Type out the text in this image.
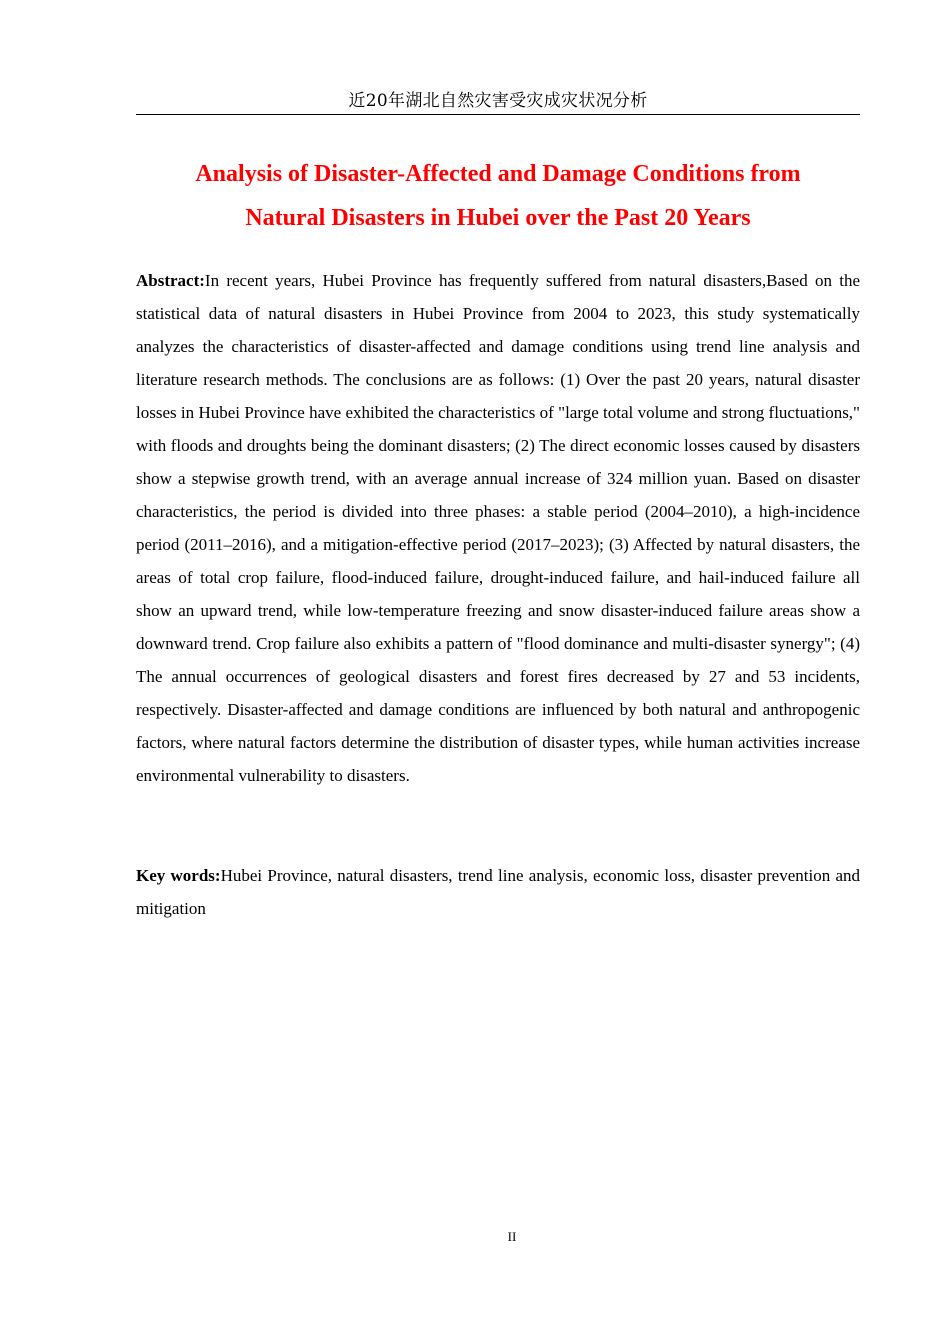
近20年湖北自然灾害受灾成灾状况分析
Analysis of Disaster-Affected and Damage Conditions from
Natural Disasters in Hubei over the Past 20 Years

Abstract:In recent years, Hubei Province has frequently suffered from natural disasters,Based on the statistical data of natural disasters in Hubei Province from 2004 to 2023, this study systematically analyzes the characteristics of disaster-affected and damage conditions using trend line analysis and literature research methods. The conclusions are as follows: (1) Over the past 20 years, natural disaster losses in Hubei Province have exhibited the characteristics of "large total volume and strong fluctuations," with floods and droughts being the dominant disasters; (2) The direct economic losses caused by disasters show a stepwise growth trend, with an average annual increase of 324 million yuan. Based on disaster characteristics, the period is divided into three phases: a stable period (2004–2010), a high-incidence period (2011–2016), and a mitigation-effective period (2017–2023); (3) Affected by natural disasters, the areas of total crop failure, flood-induced failure, drought-induced failure, and hail-induced failure all show an upward trend, while low-temperature freezing and snow disaster-induced failure areas show a downward trend. Crop failure also exhibits a pattern of "flood dominance and multi-disaster synergy"; (4) The annual occurrences of geological disasters and forest fires decreased by 27 and 53 incidents, respectively. Disaster-affected and damage conditions are influenced by both natural and anthropogenic factors, where natural factors determine the distribution of disaster types, while human activities increase environmental vulnerability to disasters.

Key words:Hubei Province, natural disasters, trend line analysis, economic loss, disaster prevention and mitigation

II
